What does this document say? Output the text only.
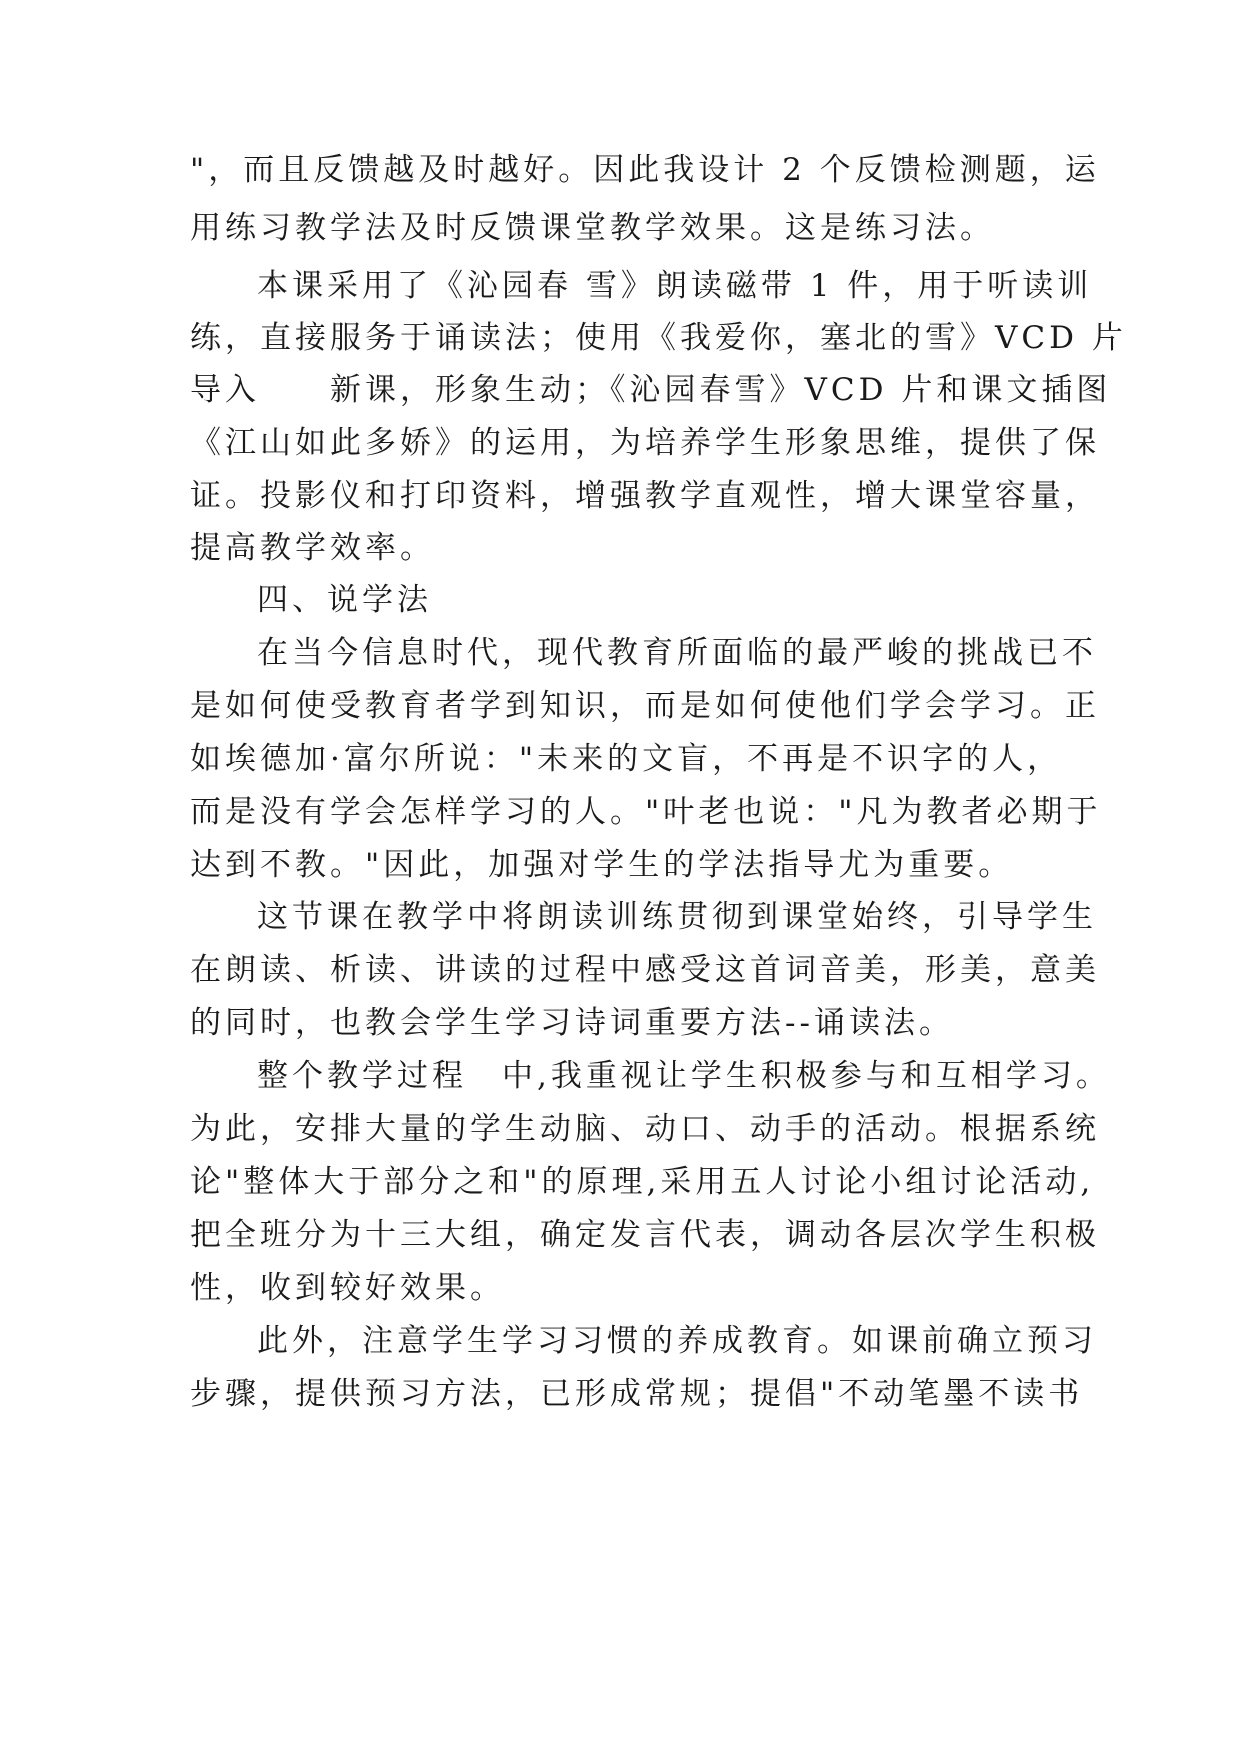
"，而且反馈越及时越好。因此我设计 2 个反馈检测题，运
用练习教学法及时反馈课堂教学效果。这是练习法。
本课采用了《沁园春 雪》朗读磁带 1 件，用于听读训
练，直接服务于诵读法；使用《我爱你，塞北的雪》VCD 片
导入　　新课，形象生动；《沁园春雪》VCD 片和课文插图
《江山如此多娇》的运用，为培养学生形象思维，提供了保
证。投影仪和打印资料，增强教学直观性，增大课堂容量，
提高教学效率。
四、说学法
在当今信息时代，现代教育所面临的最严峻的挑战已不
是如何使受教育者学到知识，而是如何使他们学会学习。正
如埃德加·富尔所说："未来的文盲，不再是不识字的人，
而是没有学会怎样学习的人。"叶老也说："凡为教者必期于
达到不教。"因此，加强对学生的学法指导尤为重要。
这节课在教学中将朗读训练贯彻到课堂始终，引导学生
在朗读、析读、讲读的过程中感受这首词音美，形美，意美
的同时，也教会学生学习诗词重要方法--诵读法。
整个教学过程　中,我重视让学生积极参与和互相学习。
为此，安排大量的学生动脑、动口、动手的活动。根据系统
论"整体大于部分之和"的原理,采用五人讨论小组讨论活动,
把全班分为十三大组，确定发言代表，调动各层次学生积极
性，收到较好效果。
此外，注意学生学习习惯的养成教育。如课前确立预习
步骤，提供预习方法，已形成常规；提倡"不动笔墨不读书
